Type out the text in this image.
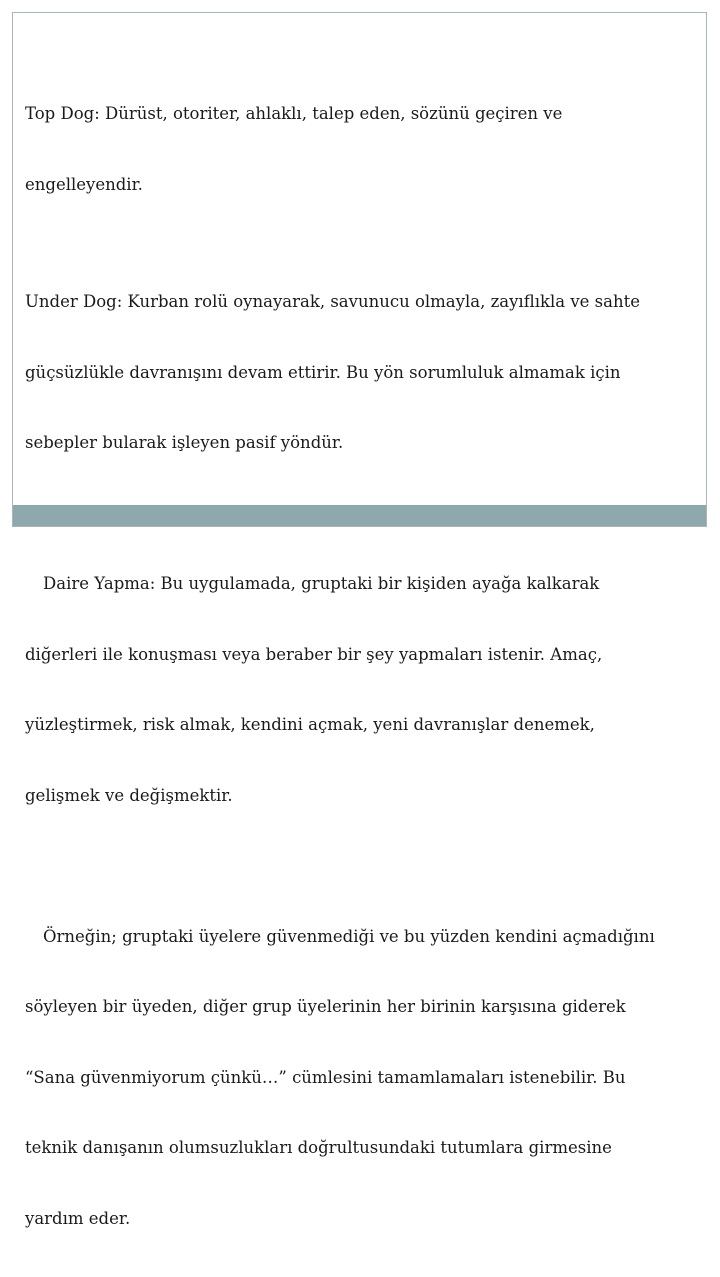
Top Dog: Dürüst, otoriter, ahlaklı, talep eden, sözünü geçiren ve

engelleyendir.

Under Dog: Kurban rolü oynayarak, savunucu olmayla, zayıflıkla ve sahte

güçsüzlükle davranışını devam ettirir. Bu yön sorumluluk almamak için

sebepler bularak işleyen pasif yöndür.

Daire Yapma: Bu uygulamada, gruptaki bir kişiden ayağa kalkarak

diğerleri ile konuşması veya beraber bir şey yapmaları istenir. Amaç,

yüzleştirmek, risk almak, kendini açmak, yeni davranışlar denemek,

gelişmek ve değişmektir.

Örneğin; gruptaki üyelere güvenmediği ve bu yüzden kendini açmadığını

söyleyen bir üyeden, diğer grup üyelerinin her birinin karşısına giderek

“Sana güvenmiyorum çünkü…” cümlesini tamamlamaları istenebilir. Bu

teknik danışanın olumsuzlukları doğrultusundaki tutumlara girmesine

yardım eder.
